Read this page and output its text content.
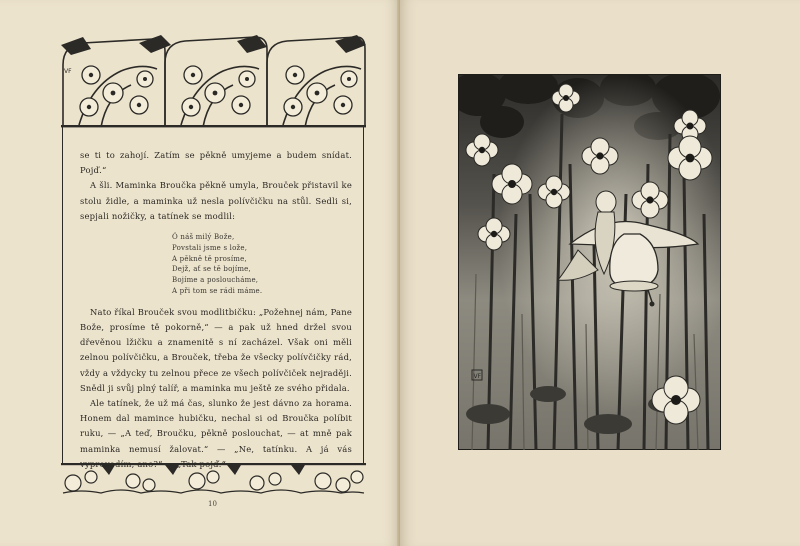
VF

se ti to zahojí. Zatím se pěkně umyjeme a budem snídat. Pojď.“

A šli. Maminka Broučka pěkně umyla, Brouček přistavil ke stolu židle, a maminka už nesla polívčičku na stůl. Sedli si, sepjali nožičky, a tatínek se modlil:

Ó náš milý Bože,
Povstali jsme s lože,
A pěkně tě prosíme,
Dejž, ať se tě bojíme,
Bojíme a posloucháme,
A při tom se rádi máme.

Nato říkal Brouček svou modlitbičku: „Požehnej nám, Pane Bože, prosíme tě pokorně,“ — a pak už hned držel svou dřevěnou lžičku a znamenitě s ní zacházel. Však oni měli zelnou polívčičku, a Brouček, třeba že všecky polívčičky rád, vždy a vždycky tu zelnou přece ze všech polívčiček nejraději. Snědl ji svůj plný talíř, a maminka mu ještě ze svého přidala.

Ale tatínek, že už má čas, slunko že jest dávno za horama. Honem dal mamince hubičku, nechal si od Broučka políbit ruku, — „A teď, Broučku, pěkně poslouchat, — at mně pak maminka nemusí žalovat.“ — „Ne, tatínku. A já vás vyprovodím, ano?“ — „Tak pojď.“

10
VF
